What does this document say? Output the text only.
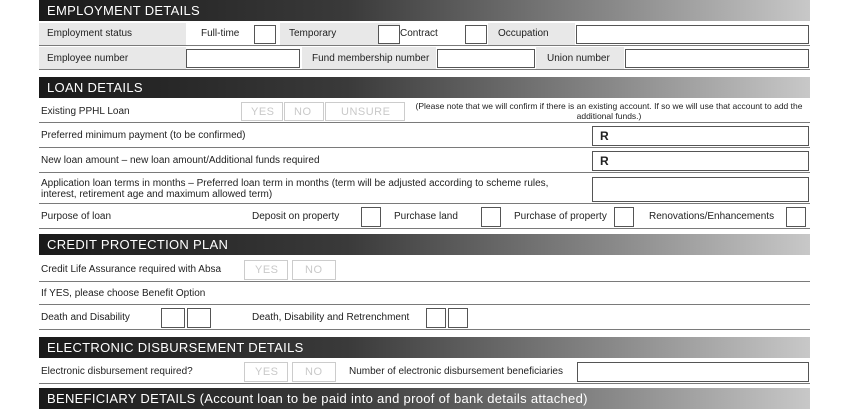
EMPLOYMENT DETAILS
Employment status	Full-time	Temporary	Contract	Occupation
Employee number	Fund membership number	Union number
LOAN DETAILS
Existing PPHL Loan	YES NO	UNSURE	(Please note that we will confirm if there is an existing account. If so we will use that account to add the additional funds.)
Preferred minimum payment (to be confirmed)	R
New loan amount – new loan amount/Additional funds required	R
Application loan terms in months – Preferred loan term in months (term will be adjusted according to scheme rules, interest, retirement age and maximum allowed term)
Purpose of loan	Deposit on property	Purchase land	Purchase of property	Renovations/Enhancements
CREDIT PROTECTION PLAN
Credit Life Assurance required with Absa	YES NO
If YES, please choose Benefit Option
Death and Disability	Death, Disability and Retrenchment
ELECTRONIC DISBURSEMENT DETAILS
Electronic disbursement required?	YES NO	Number of electronic disbursement beneficiaries
BENEFICIARY DETAILS (Account loan to be paid into and proof of bank details attached)
